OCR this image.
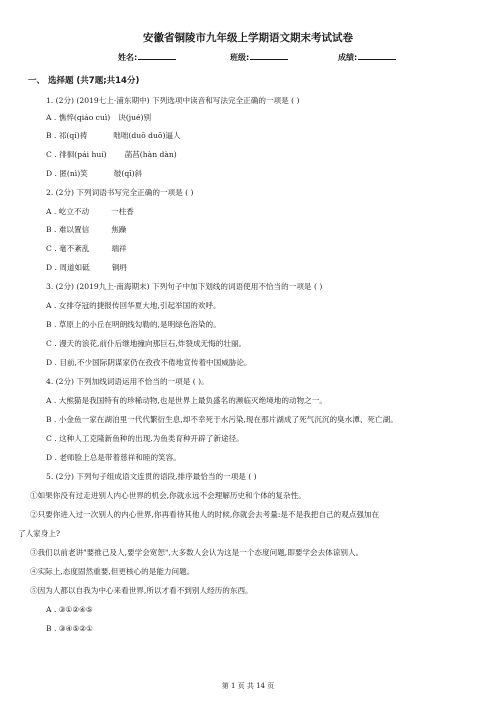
安徽省铜陵市九年级上学期语文期末考试试卷
姓名:	班级:	成绩:
一、 选择题 (共7题;共14分)
1. (2分) (2019七上·浦东期中) 下列选项中读音和写法完全正确的一项是 ( )
A . 憔悴(qiáo cuì) 诀(jué)别
B . 祁(qí)祷	咄咄(duō duō)逼人
C . 徘徊(pái huí) 菡萏(hàn dàn)
D . 匿(nì)笑	攲(qī)斜
2. (2分) 下列词语书写完全正确的一项是 ( )
A . 屹立不动	一柱香
B . 难以置信	焦躁
C . 毫不紊乱	端祥
D . 周道如砥	铜坍
3. (2分) (2019九上·南海期末) 下列句子中加下划线的词语使用不恰当的一项是 ( )
A . 女排夺冠的捷报传回华夏大地,引起举国的欢呼。
B . 草原上的小丘在明朗线勾勒的,是明绿色浴染的。
C . 漫天的浪花,前仆后继地撞向那巨石,炸裂成无悔的壮丽。
D . 目前,不少国际阴谋家仍在孜孜不倦地宣传着中国威胁论。
4. (2分) 下列加线词语运用不恰当的一项是 ( )。
A . 大熊猫是我国特有的珍稀动物,也是世界上最负盛名的濒临灭绝境地的动物之一。
B . 小金鱼一家在湖泊里一代代繁衍生息,却不幸死于水污染,现在那片湖成了死气沉沉的臭水潭、死亡湖。
C . 这种人工克隆新鱼种的出现,为鱼类育种开辟了新途径。
D . 老师脸上总是带着慈祥和睦的笑容。
5. (2分) 下列句子组成语文连贯的语段,排序最恰当的一项是 ( )
①如果你没有过走进别人内心世界的机会,你就永远不会理解历史和个体的复杂性。
②只要你进入过一次别人的内心世界,你再看待其他人的时候,你就会去考量:是不是我把自己的观点强加在
了人家身上?
③我们以前老讲"要推己及人,要学会宽恕",大多数人会认为这是一个态度问题,即要学会去体谅别人。
④实际上,态度固然重要,但更核心的是能力问题。
⑤因为人都以自我为中心来看世界,所以才看不到别人经历的东西。
A . ③①②④⑤
B . ③④⑤②①
第 1 页 共 14 页
